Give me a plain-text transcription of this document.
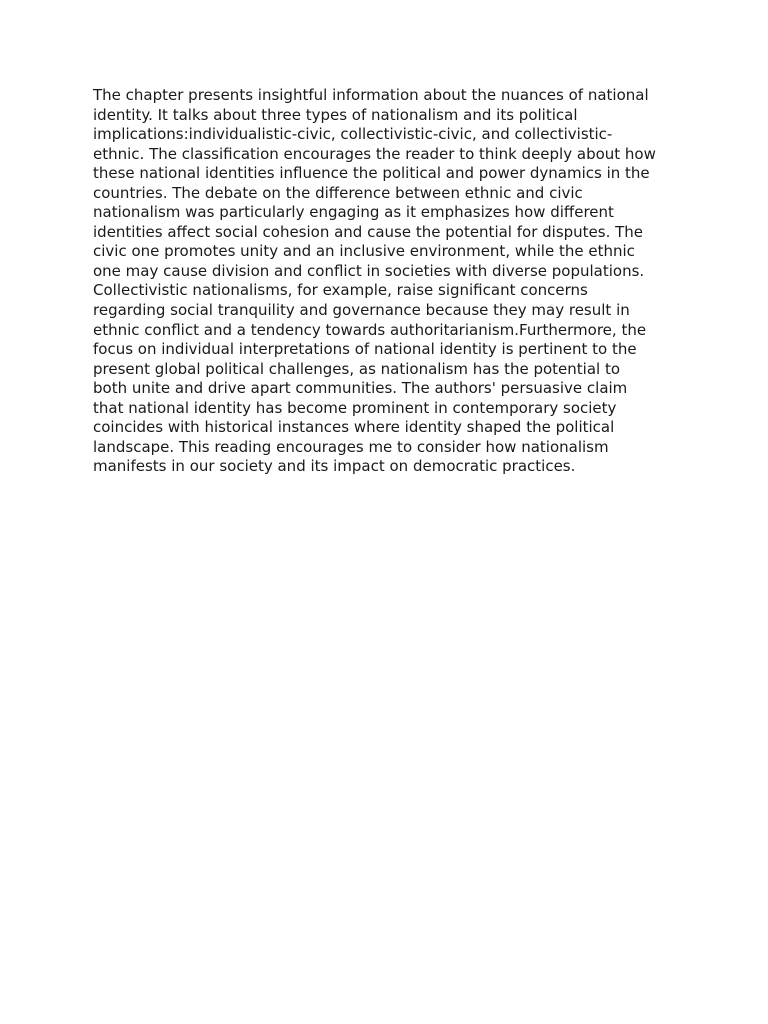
The chapter presents insightful information about the nuances of national
identity. It talks about three types of nationalism and its political
implications:individualistic-civic, collectivistic-civic, and collectivistic-
ethnic. The classification encourages the reader to think deeply about how
these national identities influence the political and power dynamics in the
countries. The debate on the difference between ethnic and civic
nationalism was particularly engaging as it emphasizes how different
identities affect social cohesion and cause the potential for disputes. The
civic one promotes unity and an inclusive environment, while the ethnic
one may cause division and conflict in societies with diverse populations.
Collectivistic nationalisms, for example, raise significant concerns
regarding social tranquility and governance because they may result in
ethnic conflict and a tendency towards authoritarianism.Furthermore, the
focus on individual interpretations of national identity is pertinent to the
present global political challenges, as nationalism has the potential to
both unite and drive apart communities. The authors' persuasive claim
that national identity has become prominent in contemporary society
coincides with historical instances where identity shaped the political
landscape. This reading encourages me to consider how nationalism
manifests in our society and its impact on democratic practices.
